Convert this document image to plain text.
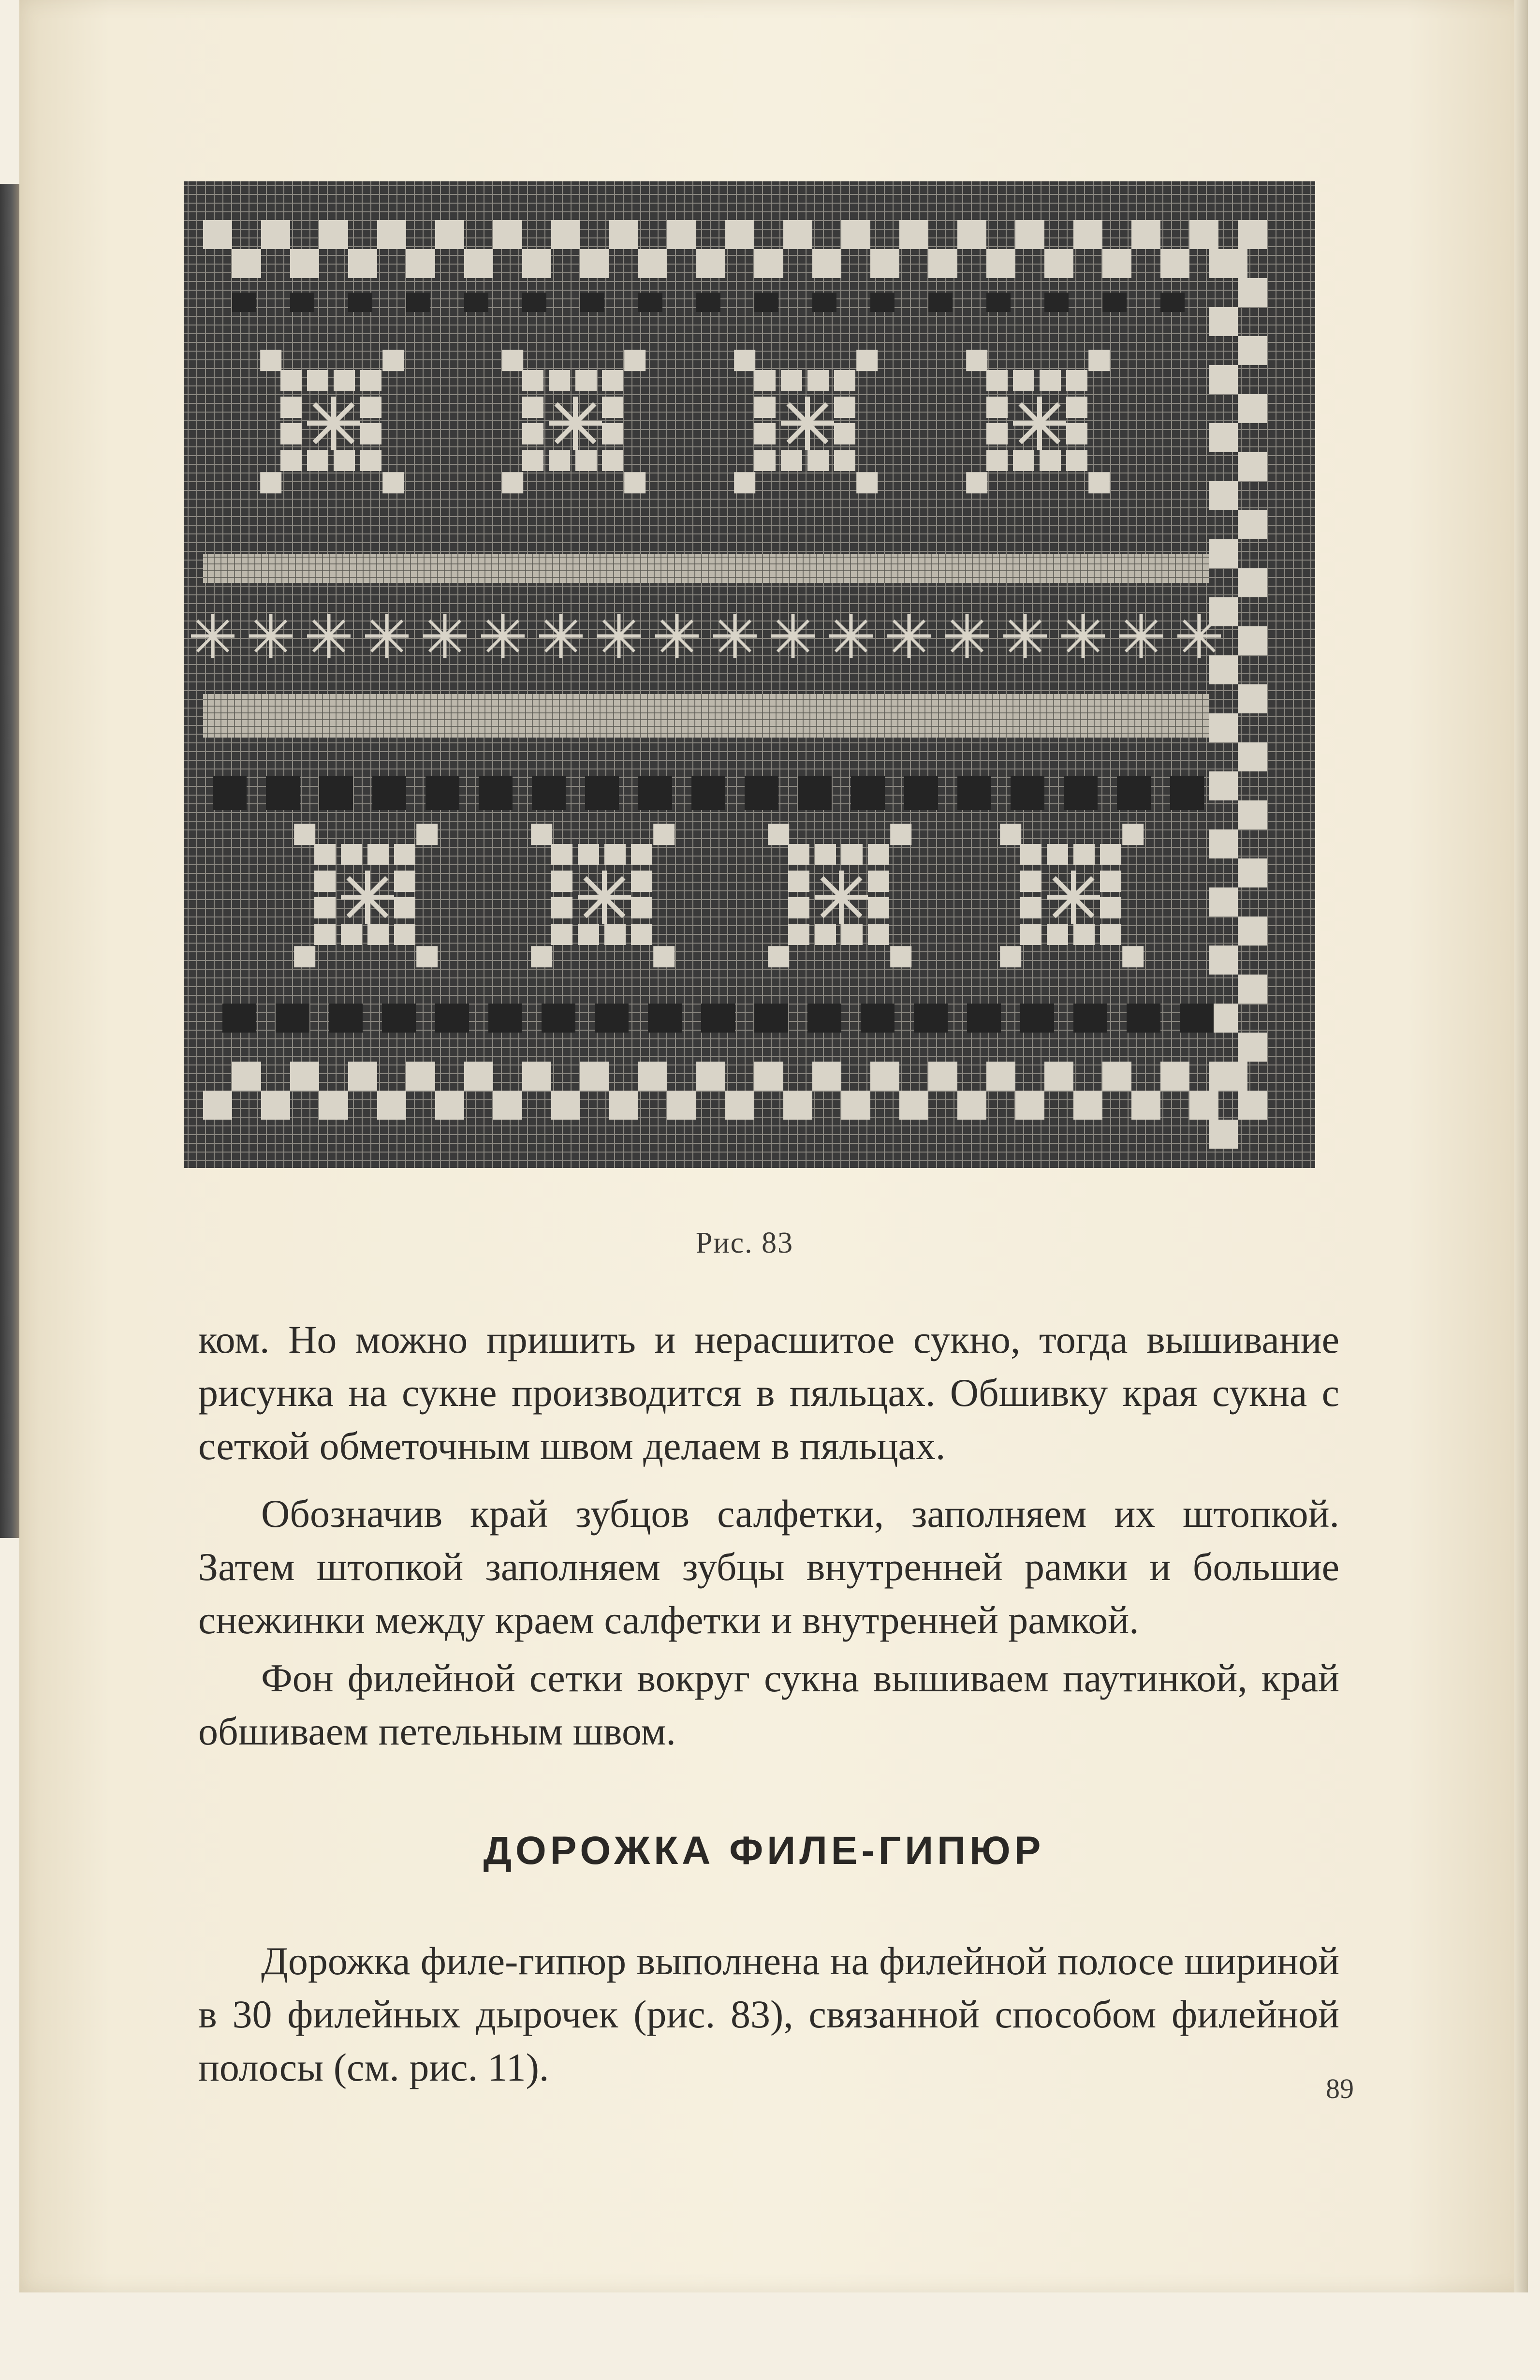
Рис. 83
ком. Но можно пришить и нерасшитое сукно, тогда вышивание рисунка на сукне производится в пяльцах. Обшивку края сукна с сеткой обметочным швом делаем в пяльцах.
Обозначив край зубцов салфетки, заполняем их штопкой. Затем штопкой заполняем зубцы внутренней рамки и большие снежинки между краем салфетки и внутренней рамкой.
Фон филейной сетки вокруг сукна вышиваем паутинкой, край обшиваем петельным швом.
ДОРОЖКА ФИЛЕ-ГИПЮР
Дорожка филе-гипюр выполнена на филейной полосе шириной в 30 филейных дырочек (рис. 83), связанной способом филейной полосы (см. рис. 11).	89
